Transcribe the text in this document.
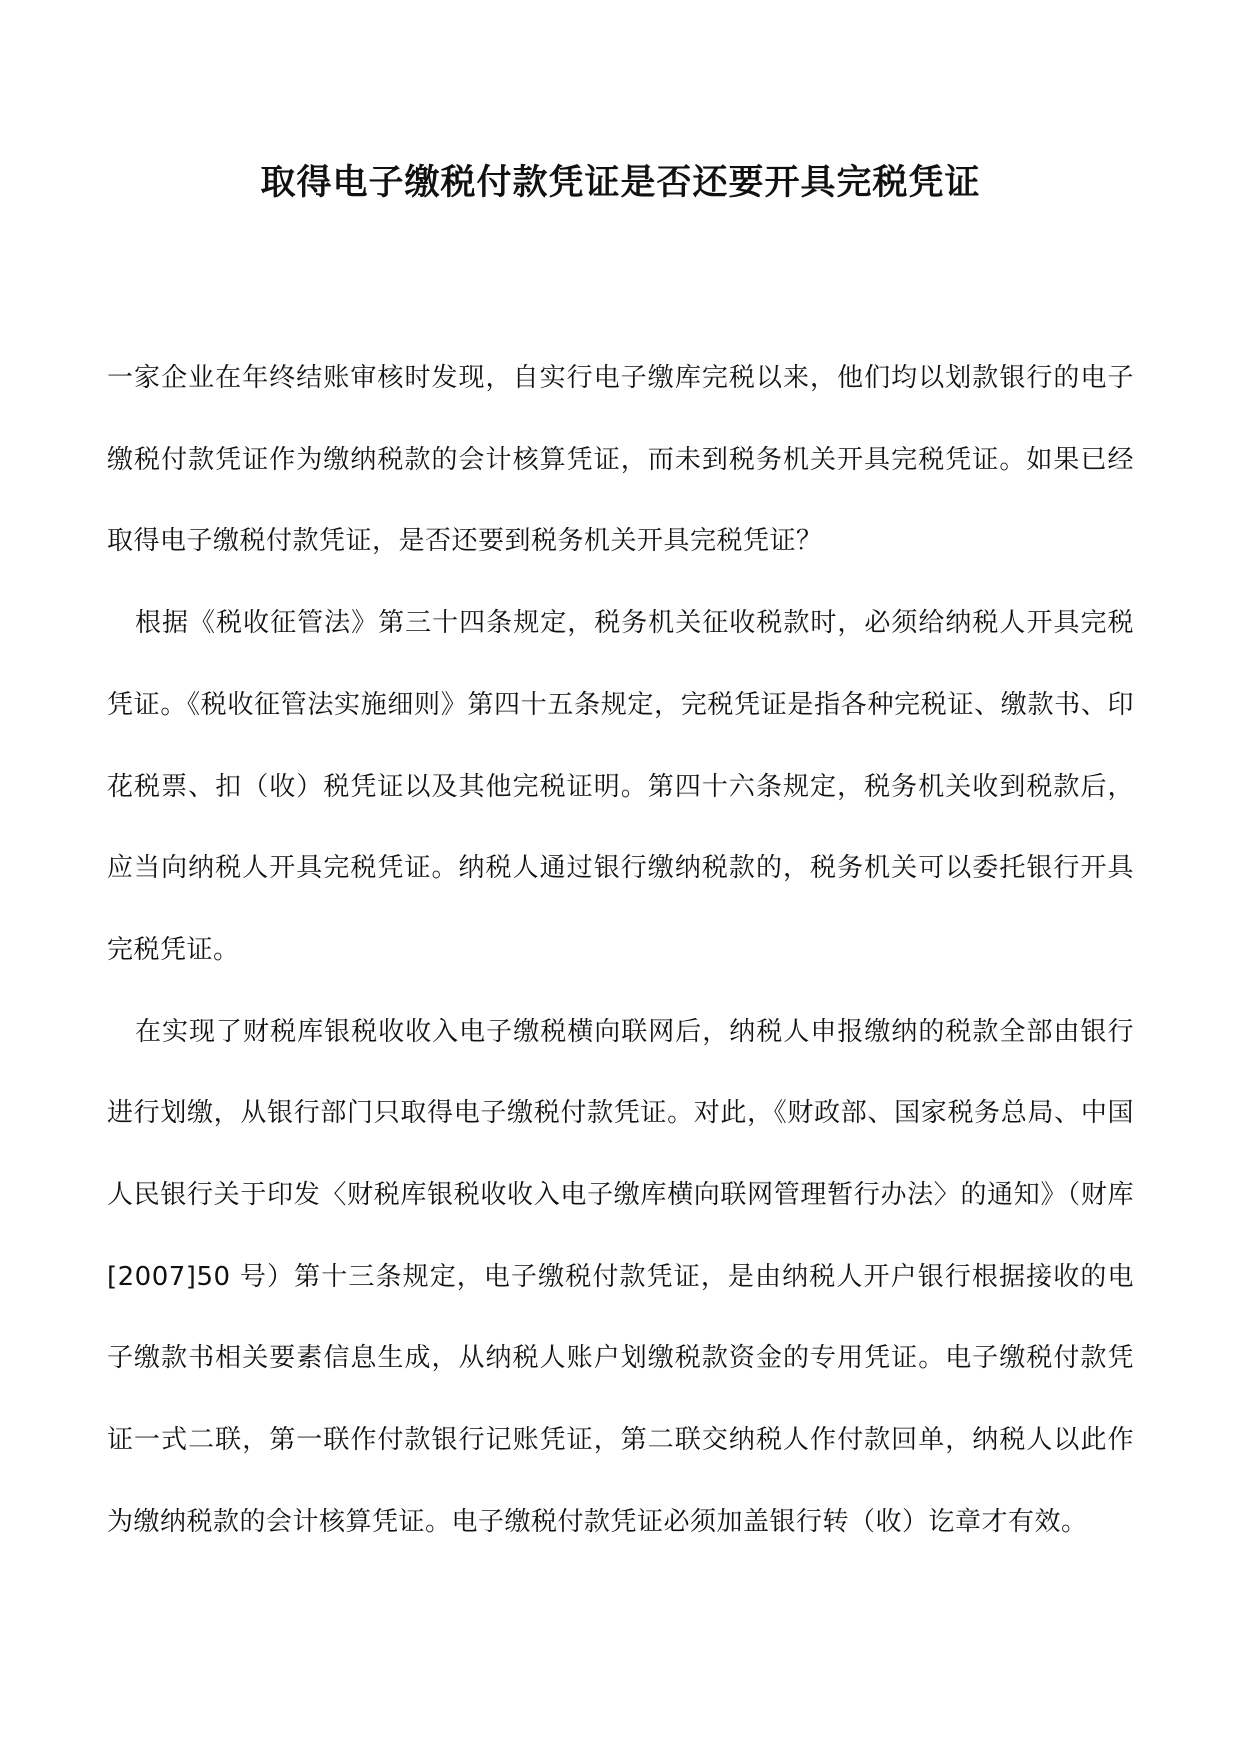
取得电子缴税付款凭证是否还要开具完税凭证

一家企业在年终结账审核时发现，自实行电子缴库完税以来，他们均以划款银行的电子缴税付款凭证作为缴纳税款的会计核算凭证，而未到税务机关开具完税凭证。如果已经取得电子缴税付款凭证，是否还要到税务机关开具完税凭证？

根据《税收征管法》第三十四条规定，税务机关征收税款时，必须给纳税人开具完税凭证。《税收征管法实施细则》第四十五条规定，完税凭证是指各种完税证、缴款书、印花税票、扣（收）税凭证以及其他完税证明。第四十六条规定，税务机关收到税款后，应当向纳税人开具完税凭证。纳税人通过银行缴纳税款的，税务机关可以委托银行开具完税凭证。

在实现了财税库银税收收入电子缴税横向联网后，纳税人申报缴纳的税款全部由银行进行划缴，从银行部门只取得电子缴税付款凭证。对此，《财政部、国家税务总局、中国人民银行关于印发〈财税库银税收收入电子缴库横向联网管理暂行办法〉的通知》（财库[2007]50 号）第十三条规定，电子缴税付款凭证，是由纳税人开户银行根据接收的电子缴款书相关要素信息生成，从纳税人账户划缴税款资金的专用凭证。电子缴税付款凭证一式二联，第一联作付款银行记账凭证，第二联交纳税人作付款回单，纳税人以此作为缴纳税款的会计核算凭证。电子缴税付款凭证必须加盖银行转（收）讫章才有效。
